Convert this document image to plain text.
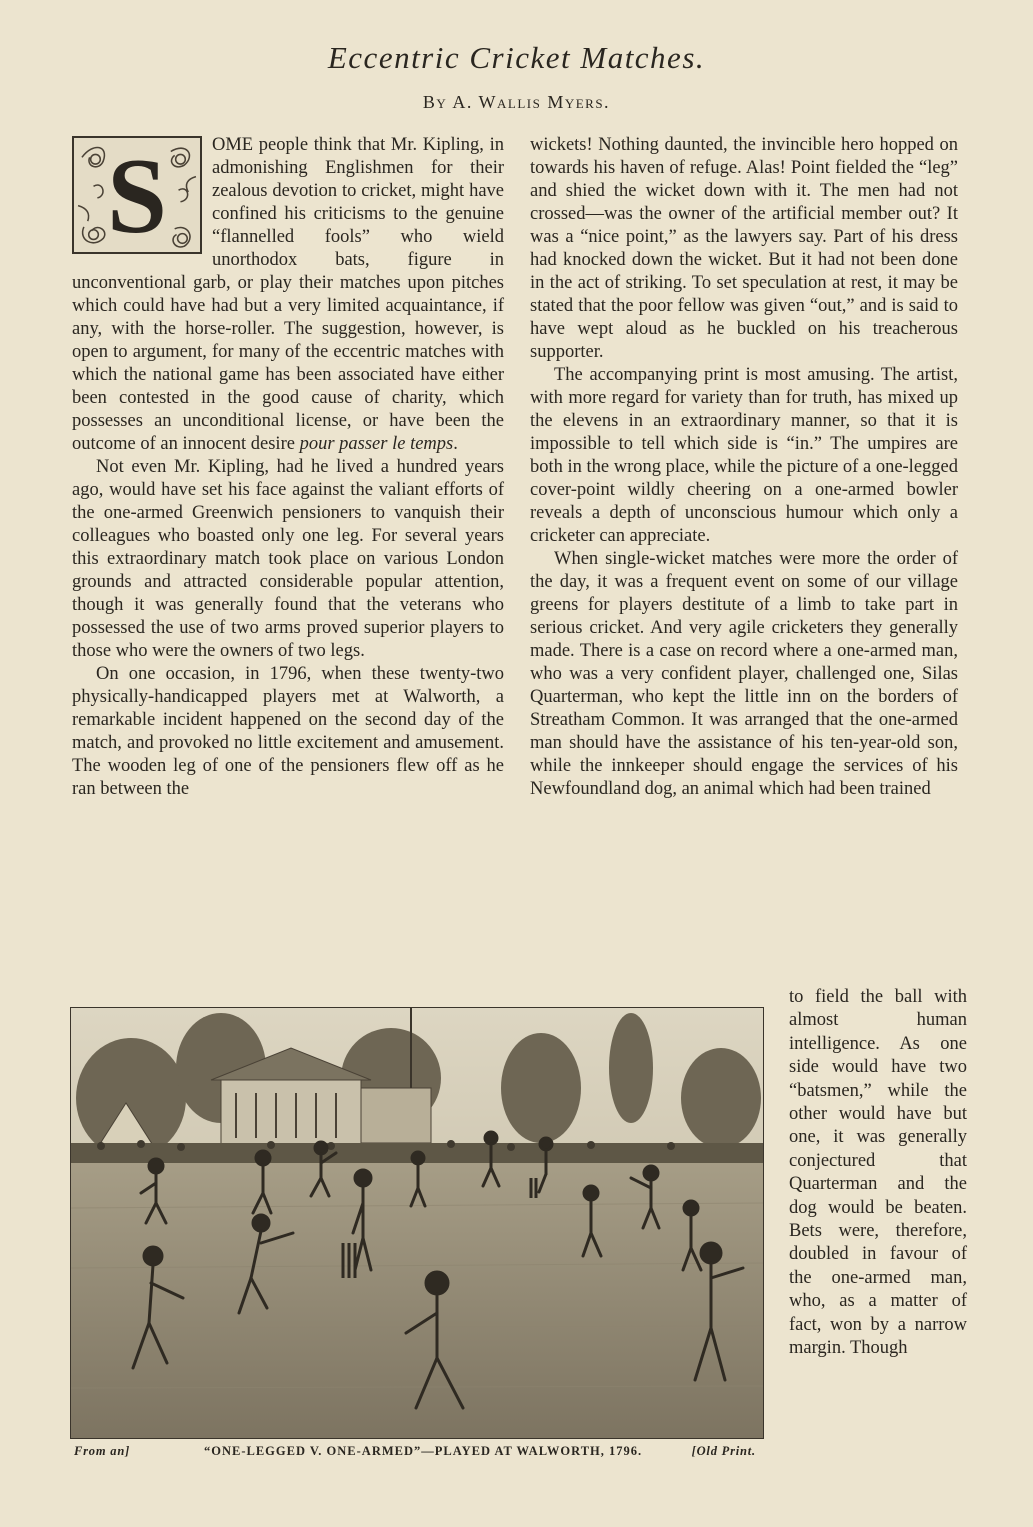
Eccentric Cricket Matches.
By A. Wallis Myers.
S	OME people think that Mr. Kipling, in admonishing Englishmen for their zealous devotion to cricket, might have confined his criticisms to the genuine “flannelled fools” who wield unorthodox bats, figure in unconventional garb, or play their matches upon pitches which could have had but a very limited acquaintance, if any, with the horse-roller. The suggestion, however, is open to argument, for many of the eccentric matches with which the national game has been associated have either been contested in the good cause of charity, which possesses an unconditional license, or have been the outcome of an innocent desire pour passer le temps.

Not even Mr. Kipling, had he lived a hundred years ago, would have set his face against the valiant efforts of the one-armed Greenwich pensioners to vanquish their colleagues who boasted only one leg. For several years this extraordinary match took place on various London grounds and attracted considerable popular attention, though it was generally found that the veterans who possessed the use of two arms proved superior players to those who were the owners of two legs.

On one occasion, in 1796, when these twenty-two physically-handicapped players met at Walworth, a remarkable incident happened on the second day of the match, and provoked no little excitement and amusement. The wooden leg of one of the pensioners flew off as he ran between the

wickets! Nothing daunted, the invincible hero hopped on towards his haven of refuge. Alas! Point fielded the “leg” and shied the wicket down with it. The men had not crossed—was the owner of the artificial member out? It was a “nice point,” as the lawyers say. Part of his dress had knocked down the wicket. But it had not been done in the act of striking. To set speculation at rest, it may be stated that the poor fellow was given “out,” and is said to have wept aloud as he buckled on his treacherous supporter.

The accompanying print is most amusing. The artist, with more regard for variety than for truth, has mixed up the elevens in an extraordinary manner, so that it is impossible to tell which side is “in.” The umpires are both in the wrong place, while the picture of a one-legged cover-point wildly cheering on a one-armed bowler reveals a depth of unconscious humour which only a cricketer can appreciate.

When single-wicket matches were more the order of the day, it was a frequent event on some of our village greens for players destitute of a limb to take part in serious cricket. And very agile cricketers they generally made. There is a case on record where a one-armed man, who was a very confident player, challenged one, Silas Quarterman, who kept the little inn on the borders of Streatham Common. It was arranged that the one-armed man should have the assistance of his ten-year-old son, while the innkeeper should engage the services of his Newfoundland dog, an animal which had been trained

to field the ball with almost human intelligence. As one side would have two “batsmen,” while the other would have but one, it was generally conjectured that Quarterman and the dog would be beaten. Bets were, therefore, doubled in favour of the one-armed man, who, as a matter of fact, won by a narrow margin. Though

From an]	“ONE-LEGGED V. ONE-ARMED”—PLAYED AT WALWORTH, 1796.	[Old Print.
